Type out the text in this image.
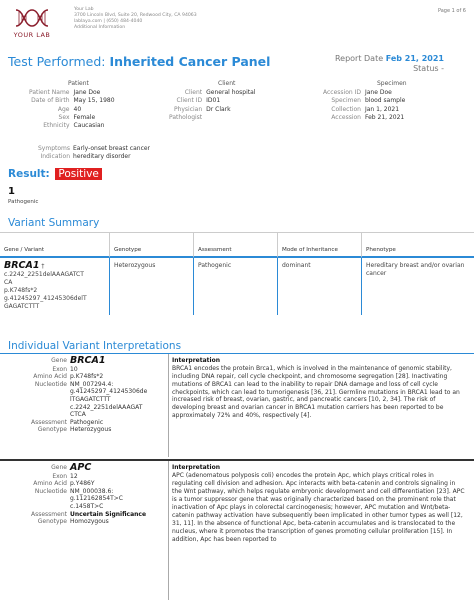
YOUR LAB
Your Lab
3700 Lincoln Blvd, Suite 20, Redwood City, CA 94063
lablaya.com | (650) 484-4040
Additional Information
Page 1 of 6
Test Performed: Inherited Cancer Panel	Report Date Feb 21, 2021
Status -
Patient
Patient Name	Jane Doe
Date of Birth	May 15, 1980
Age	40
Sex	Female
Ethnicity	Caucasian
Client
Client	General hospital
Client ID	ID01
Physician	Dr Clark
Pathologist	
Specimen
Accession ID	Jane Doe
Specimen	blood sample
Collection	Jan 1, 2021
Accession	Feb 21, 2021
Symptoms	Early-onset breast cancer
Indication	hereditary disorder
Result: Positive
1
Pathogenic
Variant Summary
Gene / Variant	Genotype	Assessment	Mode of Inheritance	Phenotype
BRCA1 †
c.2242_2251delAAAGATCT
CA
p.K748fs*2
g.41245297_41245306delT
GAGATCTTT
Heterozygous	Pathogenic	dominant	Hereditary breast and/or ovarian cancer
Individual Variant Interpretations
Gene	BRCA1
Exon	10
Amino Acid	p.K748fs*2
Nucleotide	NM_007294.4:
g.41245297_41245306de
lTGAGATCTTT
c.2242_2251delAAAGAT
CTCA

Assessment	Pathogenic
Genotype	Heterozygous
Interpretation
BRCA1 encodes the protein Brca1, which is involved in the maintenance of genomic stability, including DNA repair, cell cycle checkpoint, and chromosome segregation [28]. Inactivating mutations of BRCA1 can lead to the inability to repair DNA damage and loss of cell cycle checkpoints, which can lead to tumorigenesis [36, 21]. Germline mutations in BRCA1 lead to an increased risk of breast, ovarian, gastric, and pancreatic cancers [10, 2, 34]. The risk of developing breast and ovarian cancer in BRCA1 mutation carriers has been reported to be approximately 72% and 40%, respectively [4].
Gene	APC
Exon	12
Amino Acid	p.Y486Y
Nucleotide	NM_000038.6:
g.112162854T>C
c.1458T>C

Assessment	Uncertain Significance
Genotype	Homozygous
Interpretation
APC (adenomatous polyposis coli) encodes the protein Apc, which plays critical roles in regulating cell division and adhesion. Apc interacts with beta-catenin and controls signaling in the Wnt pathway, which helps regulate embryonic development and cell differentiation [23]. APC is a tumor suppressor gene that was originally characterized based on the prominent role that inactivation of Apc plays in colorectal carcinogenesis; however, APC mutation and Wnt/beta-catenin pathway activation have subsequently been implicated in other tumor types as well [12, 31, 11]. In the absence of functional Apc, beta-catenin accumulates and is translocated to the nucleus, where it promotes the transcription of genes promoting cellular proliferation [15]. In addition, Apc has been reported to
